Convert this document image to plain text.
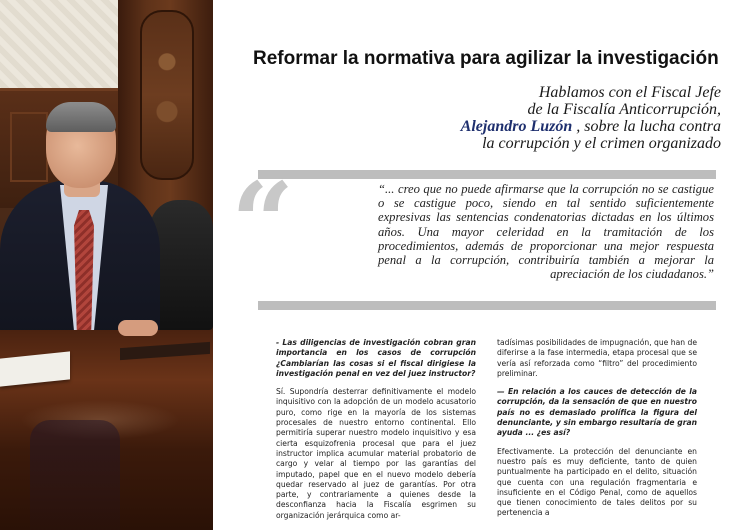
Reformar la normativa para agilizar la investigación
Hablamos con el Fiscal Jefe
de la Fiscalía Anticorrupción,
Alejandro Luzón , sobre la lucha contra
la corrupción y el crimen organizado
“	“... creo que no puede afirmarse que la corrupción no se castigue o se castigue poco, siendo en tal sentido suficientemente expresivas las sentencias condenatorias dictadas en los últimos años. Una mayor celeridad en la tramitación de los procedimientos, además de proporcionar una mejor respuesta penal a la corrupción, contribuiría también a mejorar la apreciación de los ciudadanos.”

- Las diligencias de investigación cobran gran importancia en los casos de corrupción ¿Cambiarían las cosas si el fiscal dirigiese la investigación penal en vez del juez instructor?

Sí. Supondría desterrar definitivamente el modelo inquisitivo con la adopción de un modelo acusatorio puro, como rige en la mayoría de los sistemas procesales de nuestro entorno continental. Ello permitiría superar nuestro modelo inquisitivo y esa cierta esquizofrenia procesal que para el juez instructor implica acumular material probatorio de cargo y velar al tiempo por las garantías del imputado, papel que en el nuevo modelo debería quedar reservado al juez de garantías. Por otra parte, y contrariamente a quienes desde la desconfianza hacia la Fiscalía esgrimen su organización jerárquica como ar-

tadísimas posibilidades de impugnación, que han de diferirse a la fase intermedia, etapa procesal que se vería así reforzada como “filtro” del procedimiento preliminar.

— En relación a los cauces de detección de la corrupción, da la sensación de que en nuestro país no es demasiado prolífica la figura del denunciante, y sin embargo resultaría de gran ayuda ... ¿es así?

Efectivamente. La protección del denunciante en nuestro país es muy deficiente, tanto de quien puntualmente ha participado en el delito, situación que cuenta con una regulación fragmentaria e insuficiente en el Código Penal, como de aquellos que tienen conocimiento de tales delitos por su pertenencia a
